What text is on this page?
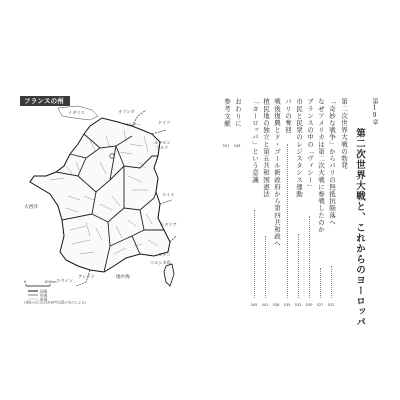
イギリス	オランダ
ベルギー	ドイツ
ルクセン
ブルク
スイス
イタリア
スペイン
アンドラ
モナコ
コルシカ島
大西洋
地中海
0	100km
国境
州境
県境
(現在の区分は2016年以降のものによる)
フランスの州	第19章
第二次世界大戦と、これからのヨーロッパ
第二次世界大戦の勃発
「奇妙な戦争」からパリの無抵抗陥落へ
522
なぜアメリカは第二次大戦に参戦したのか
527
ブランスの中の「ヴィシー」
530
市民と民衆のレジスタンス運動
532
パリの奪回
535
戦後復興とド・ゴール新政府から第四共和政へ
538
植民地の独立と第五共和国憲法
541
「ヨーロッパ」という意識
545
おわりに
548
参考文献
551
